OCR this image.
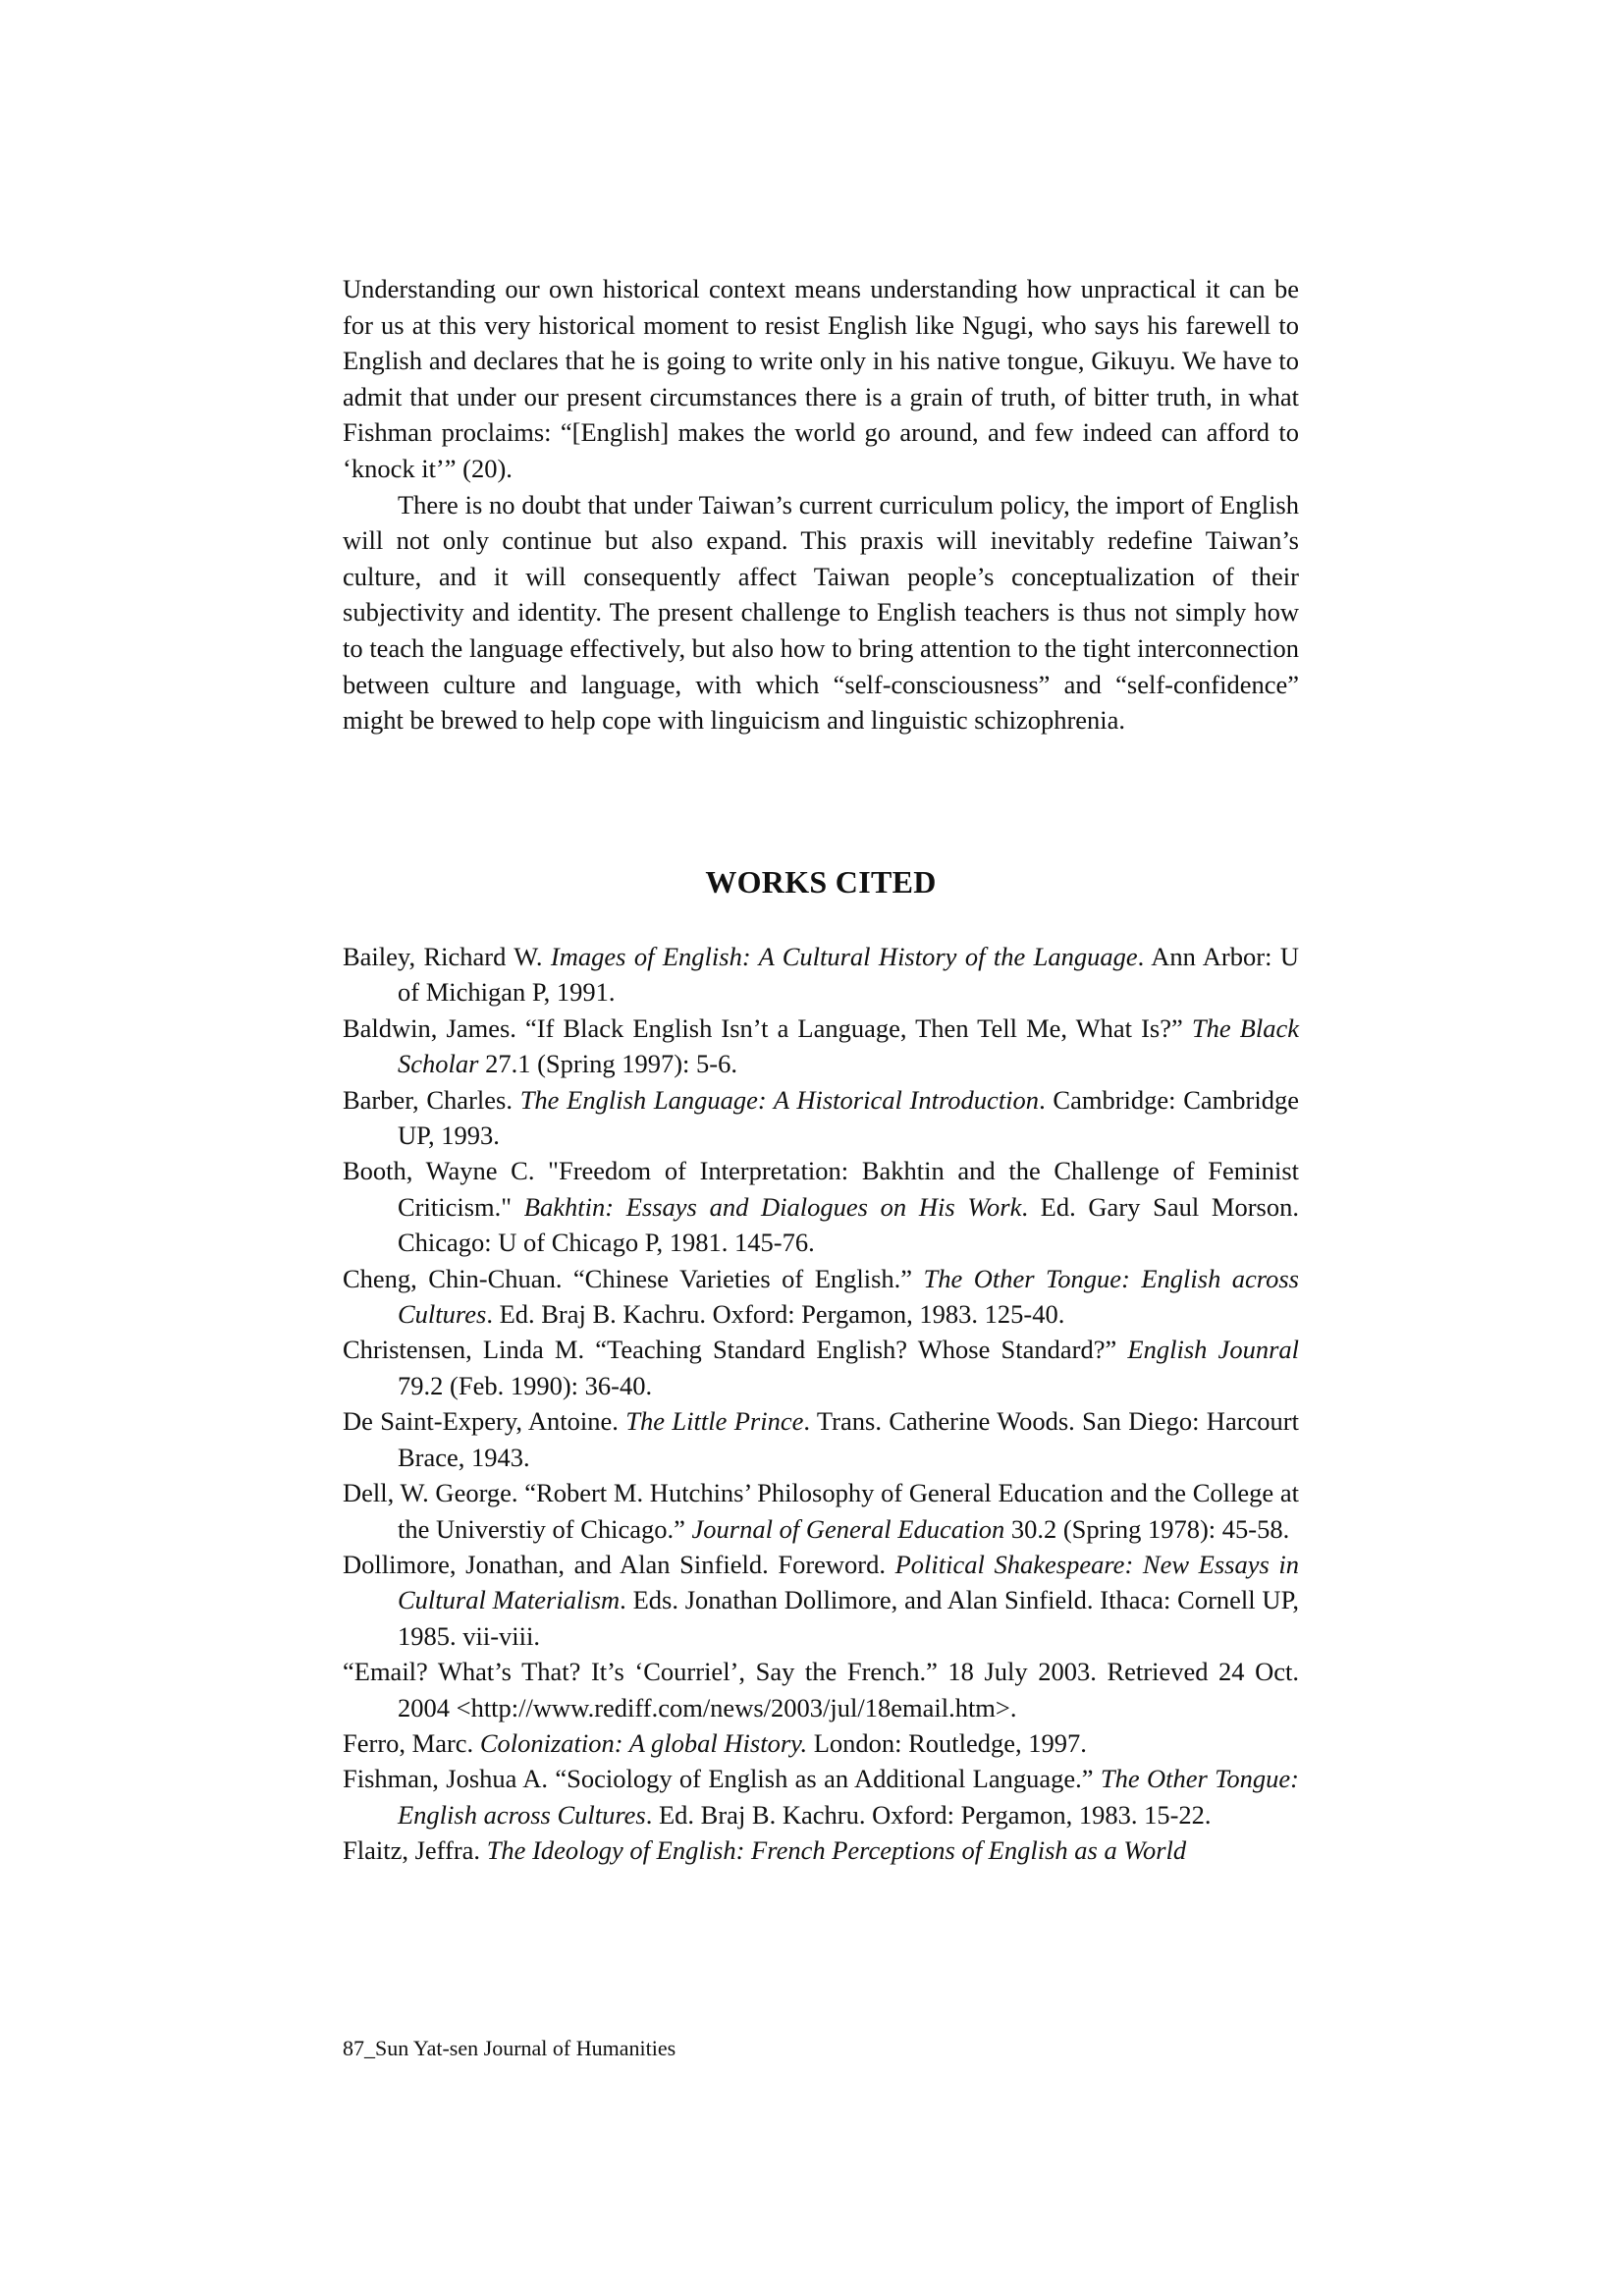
Understanding our own historical context means understanding how unpractical it can be for us at this very historical moment to resist English like Ngugi, who says his farewell to English and declares that he is going to write only in his native tongue, Gikuyu. We have to admit that under our present circumstances there is a grain of truth, of bitter truth, in what Fishman proclaims: “[English] makes the world go around, and few indeed can afford to ‘knock it’” (20).

There is no doubt that under Taiwan’s current curriculum policy, the import of English will not only continue but also expand. This praxis will inevitably redefine Taiwan’s culture, and it will consequently affect Taiwan people’s conceptualization of their subjectivity and identity. The present challenge to English teachers is thus not simply how to teach the language effectively, but also how to bring attention to the tight interconnection between culture and language, with which “self-consciousness” and “self-confidence” might be brewed to help cope with linguicism and linguistic schizophrenia.

WORKS CITED

Bailey, Richard W. Images of English: A Cultural History of the Language. Ann Arbor: U of Michigan P, 1991.

Baldwin, James. “If Black English Isn’t a Language, Then Tell Me, What Is?” The Black Scholar 27.1 (Spring 1997): 5-6.

Barber, Charles. The English Language: A Historical Introduction. Cambridge: Cambridge UP, 1993.

Booth, Wayne C. "Freedom of Interpretation: Bakhtin and the Challenge of Feminist Criticism." Bakhtin: Essays and Dialogues on His Work. Ed. Gary Saul Morson. Chicago: U of Chicago P, 1981. 145-76.

Cheng, Chin-Chuan. “Chinese Varieties of English.” The Other Tongue: English across Cultures. Ed. Braj B. Kachru. Oxford: Pergamon, 1983. 125-40.

Christensen, Linda M. “Teaching Standard English? Whose Standard?” English Jounral 79.2 (Feb. 1990): 36-40.

De Saint-Expery, Antoine. The Little Prince. Trans. Catherine Woods. San Diego: Harcourt Brace, 1943.

Dell, W. George. “Robert M. Hutchins’ Philosophy of General Education and the College at the Universtiy of Chicago.” Journal of General Education 30.2 (Spring 1978): 45-58.

Dollimore, Jonathan, and Alan Sinfield. Foreword. Political Shakespeare: New Essays in Cultural Materialism. Eds. Jonathan Dollimore, and Alan Sinfield. Ithaca: Cornell UP, 1985. vii-viii.

“Email? What’s That? It’s ‘Courriel’, Say the French.” 18 July 2003. Retrieved 24 Oct. 2004 <http://www.rediff.com/news/2003/jul/18email.htm>.

Ferro, Marc. Colonization: A global History. London: Routledge, 1997.

Fishman, Joshua A. “Sociology of English as an Additional Language.” The Other Tongue: English across Cultures. Ed. Braj B. Kachru. Oxford: Pergamon, 1983. 15-22.

Flaitz, Jeffra. The Ideology of English: French Perceptions of English as a World

87_Sun Yat-sen Journal of Humanities
